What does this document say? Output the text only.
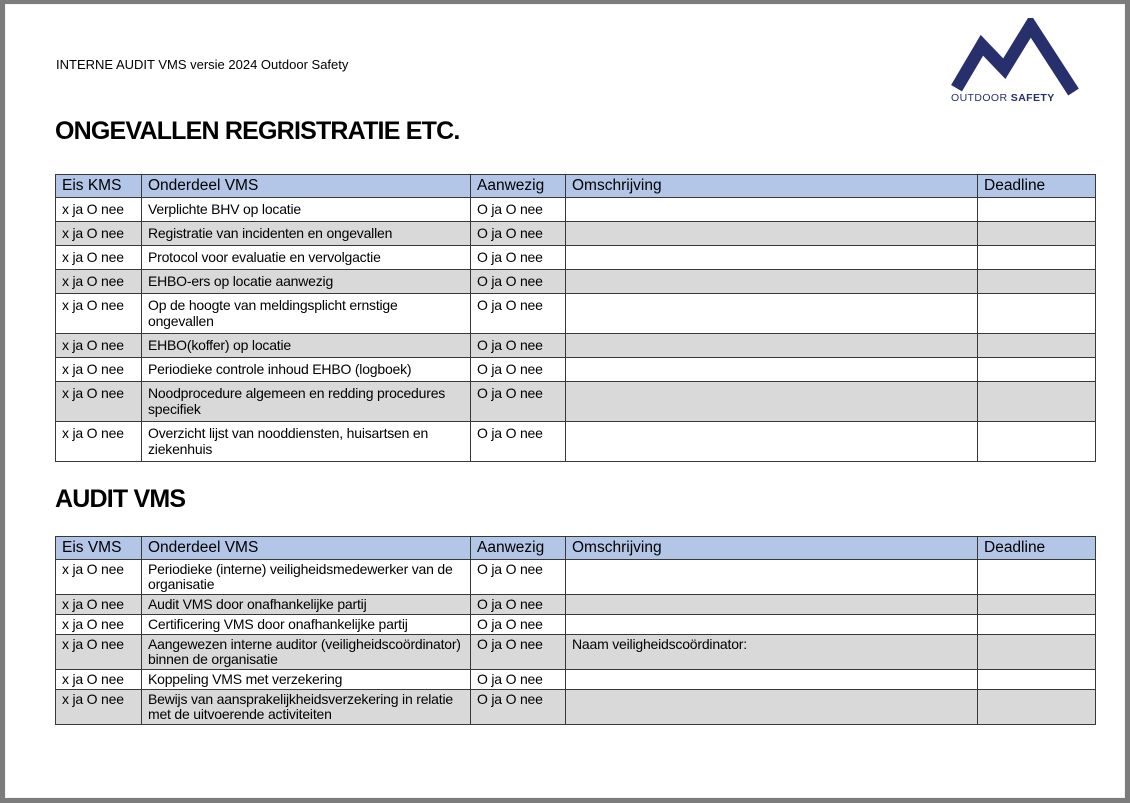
INTERNE AUDIT VMS versie 2024 Outdoor Safety
OUTDOOR SAFETY
ONGEVALLEN REGRISTRATIE ETC.
Eis KMS	Onderdeel VMS	Aanwezig	Omschrijving	Deadline
x ja O nee	Verplichte BHV op locatie	O ja O nee		
x ja O nee	Registratie van incidenten en ongevallen	O ja O nee		
x ja O nee	Protocol voor evaluatie en vervolgactie	O ja O nee		
x ja O nee	EHBO-ers op locatie aanwezig	O ja O nee		
x ja O nee	Op de hoogte van meldingsplicht ernstige ongevallen	O ja O nee		
x ja O nee	EHBO(koffer) op locatie	O ja O nee		
x ja O nee	Periodieke controle inhoud EHBO (logboek)	O ja O nee		
x ja O nee	Noodprocedure algemeen en redding procedures specifiek	O ja O nee		
x ja O nee	Overzicht lijst van nooddiensten, huisartsen en ziekenhuis	O ja O nee		
AUDIT VMS
Eis VMS	Onderdeel VMS	Aanwezig	Omschrijving	Deadline
x ja O nee	Periodieke (interne) veiligheidsmedewerker van de organisatie	O ja O nee		
x ja O nee	Audit VMS door onafhankelijke partij	O ja O nee		
x ja O nee	Certificering VMS door onafhankelijke partij	O ja O nee		
x ja O nee	Aangewezen interne auditor (veiligheidscoördinator) binnen de organisatie	O ja O nee	Naam veiligheidscoördinator:	
x ja O nee	Koppeling VMS met verzekering	O ja O nee		
x ja O nee	Bewijs van aansprakelijkheidsverzekering in relatie met de uitvoerende activiteiten	O ja O nee		
